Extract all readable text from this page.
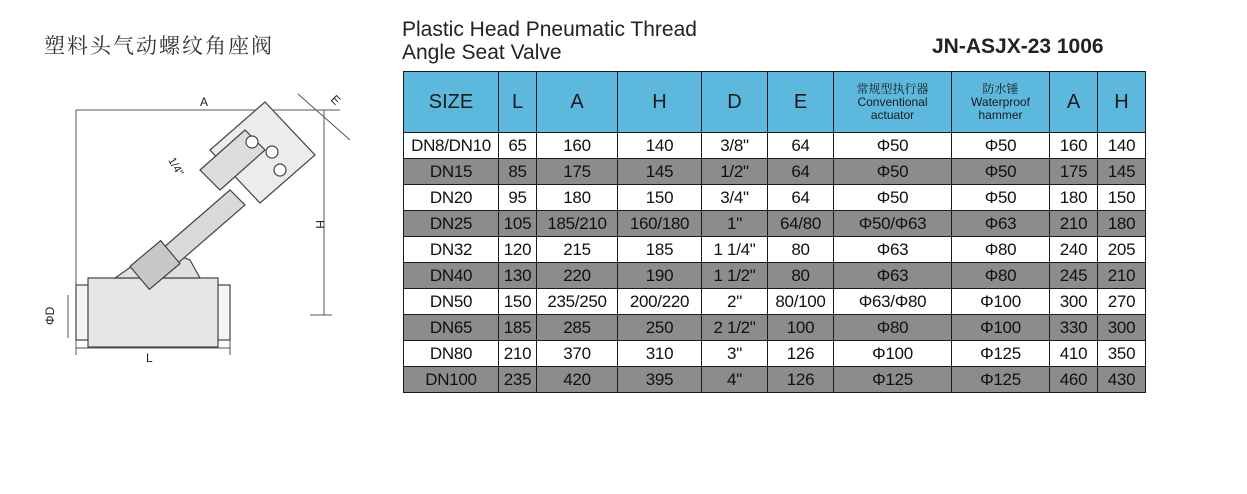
塑料头气动螺纹角座阀
A	E
H
ΦD
L
1/4"
Plastic Head Pneumatic Thread
Angle Seat Valve	JN-ASJX-23 1006
SIZE	L	A	H	D	E	常规型执行器
Conventional
actuator	防水锤
Waterproof
hammer	A	H
DN8/DN10	65	160	140	3/8"	64	Φ50	Φ50	160	140
DN15	85	175	145	1/2"	64	Φ50	Φ50	175	145
DN20	95	180	150	3/4"	64	Φ50	Φ50	180	150
DN25	105	185/210	160/180	1"	64/80	Φ50/Φ63	Φ63	210	180
DN32	120	215	185	1 1/4"	80	Φ63	Φ80	240	205
DN40	130	220	190	1 1/2"	80	Φ63	Φ80	245	210
DN50	150	235/250	200/220	2"	80/100	Φ63/Φ80	Φ100	300	270
DN65	185	285	250	2 1/2"	100	Φ80	Φ100	330	300
DN80	210	370	310	3"	126	Φ100	Φ125	410	350
DN100	235	420	395	4"	126	Φ125	Φ125	460	430
